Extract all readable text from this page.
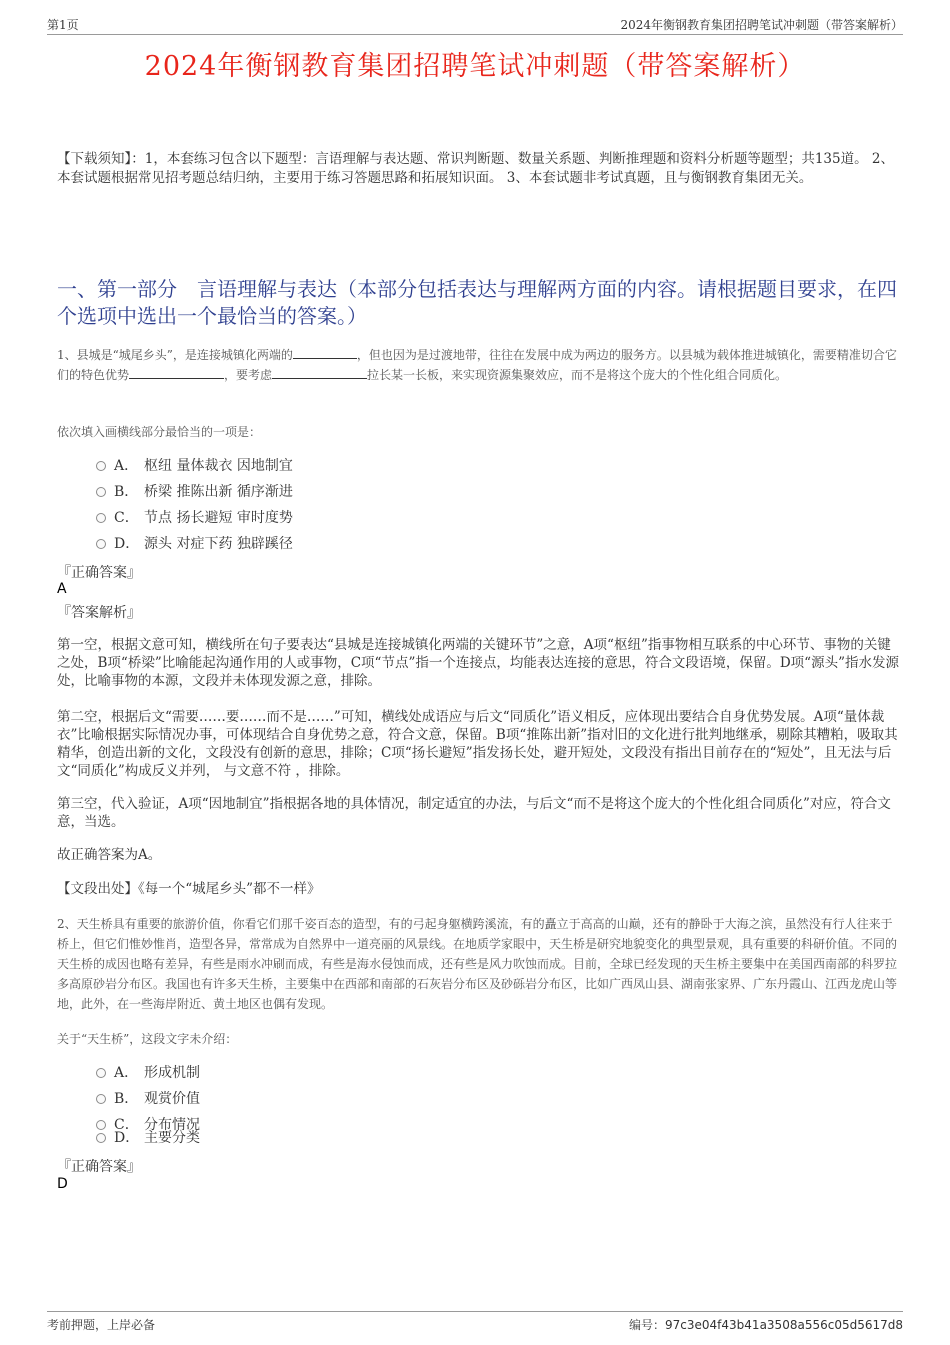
第1页	2024年衡钢教育集团招聘笔试冲刺题（带答案解析）
2024年衡钢教育集团招聘笔试冲刺题（带答案解析）
【下载须知】：1，本套练习包含以下题型：言语理解与表达题、常识判断题、数量关系题、判断推理题和资料分析题等题型；共135道。 2、本套试题根据常见招考题总结归纳，主要用于练习答题思路和拓展知识面。 3、本套试题非考试真题，且与衡钢教育集团无关。
一、第一部分　言语理解与表达（本部分包括表达与理解两方面的内容。请根据题目要求，在四个选项中选出一个最恰当的答案。）
1、县城是“城尾乡头”，是连接城镇化两端的	，但也因为是过渡地带，往往在发展中成为两边的服务方。以县城为载体推进城镇化，需要精准切合它们的特色优势	，要考虑	拉长某一长板，来实现资源集聚效应，而不是将这个庞大的个性化组合同质化。
依次填入画横线部分最恰当的一项是：
A． 枢纽 量体裁衣 因地制宜
B． 桥梁 推陈出新 循序渐进
C． 节点 扬长避短 审时度势
D． 源头 对症下药 独辟蹊径
『正确答案』
A
『答案解析』
第一空，根据文意可知，横线所在句子要表达“县城是连接城镇化两端的关键环节”之意，A项“枢纽”指事物相互联系的中心环节、事物的关键之处，B项“桥梁”比喻能起沟通作用的人或事物，C项“节点”指一个连接点，均能表达连接的意思，符合文段语境，保留。D项“源头”指水发源处，比喻事物的本源，文段并未体现发源之意，排除。
第二空，根据后文“需要……要……而不是……”可知，横线处成语应与后文“同质化”语义相反，应体现出要结合自身优势发展。A项“量体裁衣”比喻根据实际情况办事，可体现结合自身优势之意，符合文意，保留。B项“推陈出新”指对旧的文化进行批判地继承，剔除其糟粕，吸取其精华，创造出新的文化，文段没有创新的意思，排除；C项“扬长避短”指发扬长处，避开短处，文段没有指出目前存在的“短处”，且无法与后文“同质化”构成反义并列， 与文意不符 ，排除。
第三空，代入验证，A项“因地制宜”指根据各地的具体情况，制定适宜的办法，与后文“而不是将这个庞大的个性化组合同质化”对应，符合文意，当选。
故正确答案为A。
【文段出处】《每一个“城尾乡头”都不一样》
2、天生桥具有重要的旅游价值，你看它们那千姿百态的造型，有的弓起身躯横跨溪流，有的矗立于高高的山巅，还有的静卧于大海之滨，虽然没有行人往来于桥上，但它们惟妙惟肖，造型各异，常常成为自然界中一道亮丽的风景线。在地质学家眼中，天生桥是研究地貌变化的典型景观，具有重要的科研价值。不同的天生桥的成因也略有差异，有些是雨水冲刷而成，有些是海水侵蚀而成，还有些是风力吹蚀而成。目前，全球已经发现的天生桥主要集中在美国西南部的科罗拉多高原砂岩分布区。我国也有许多天生桥，主要集中在西部和南部的石灰岩分布区及砂砾岩分布区，比如广西凤山县、湖南张家界、广东丹霞山、江西龙虎山等地，此外，在一些海岸附近、黄土地区也偶有发现。
关于“天生桥”，这段文字未介绍：
A． 形成机制
B． 观赏价值
C． 分布情况
D． 主要分类
『正确答案』
D
考前押题，上岸必备	编号：97c3e04f43b41a3508a556c05d5617d8
